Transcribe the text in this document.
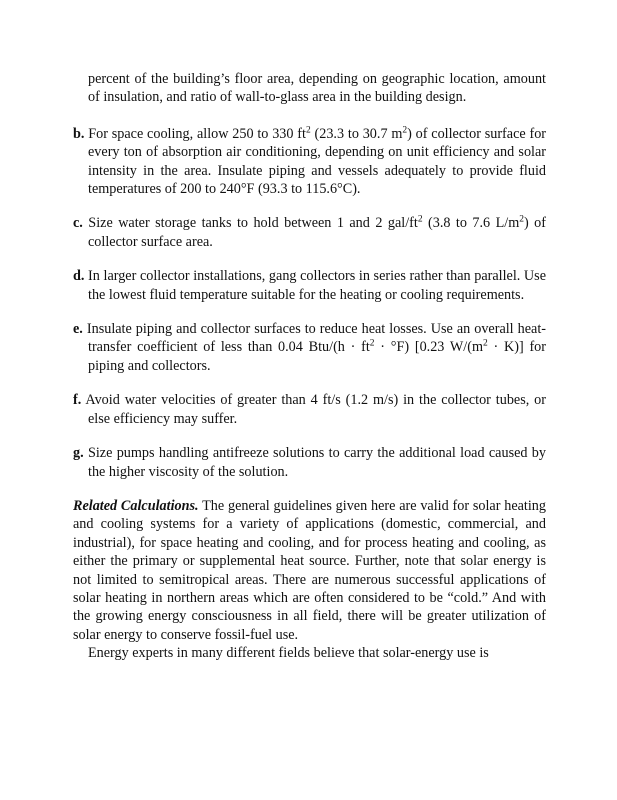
percent of the building’s floor area, depending on geographic location, amount of insulation, and ratio of wall-to-glass area in the building design.

b. For space cooling, allow 250 to 330 $ft^2$ (23.3 to 30.7 $m^2$) of collector surface for every ton of absorption air conditioning, depending on unit efficiency and solar intensity in the area. Insulate piping and vessels adequately to provide fluid temperatures of 200 to 240°F (93.3 to 115.6°C).

c. Size water storage tanks to hold between 1 and 2 gal/$ft^2$ (3.8 to 7.6 $L/m^2$) of collector surface area.

d. In larger collector installations, gang collectors in series rather than parallel. Use the lowest fluid temperature suitable for the heating or cooling requirements.

e. Insulate piping and collector surfaces to reduce heat losses. Use an overall heat-transfer coefficient of less than 0.04 $Btu/(h \cdot ft^2 \cdot ^\circ F)$ [0.23 $W/(m^2 \cdot K)$] for piping and collectors.

f. Avoid water velocities of greater than 4 ft/s (1.2 m/s) in the collector tubes, or else efficiency may suffer.

g. Size pumps handling antifreeze solutions to carry the additional load caused by the higher viscosity of the solution.

Related Calculations. The general guidelines given here are valid for solar heating and cooling systems for a variety of applications (domestic, commercial, and industrial), for space heating and cooling, and for process heating and cooling, as either the primary or supplemental heat source. Further, note that solar energy is not limited to semitropical areas. There are numerous successful applications of solar heating in northern areas which are often considered to be “cold.” And with the growing energy consciousness in all field, there will be greater utilization of solar energy to conserve fossil-fuel use.

Energy experts in many different fields believe that solar-energy use is
